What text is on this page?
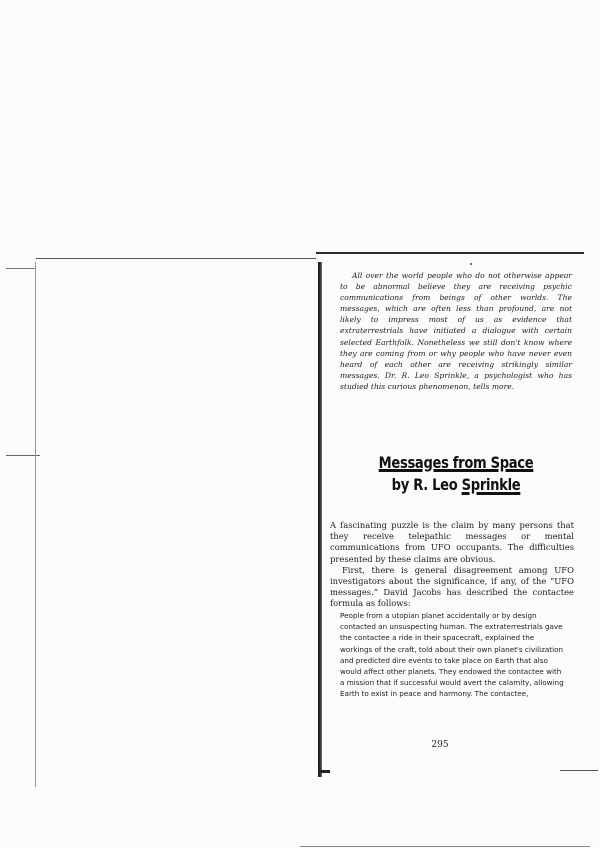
All over the world people who do not otherwise appear to be abnormal believe they are receiving psychic communications from beings of other worlds. The messages, which are often less than profound, are not likely to impress most of us as evidence that extraterrestrials have initiated a dialogue with certain selected Earthfolk. Nonetheless we still don't know where they are coming from or why people who have never even heard of each other are receiving strikingly similar messages. Dr. R. Leo Sprinkle, a psychologist who has studied this curious phenomenon, tells more.
Messages from Space
by R. Leo Sprinkle

A fascinating puzzle is the claim by many persons that they receive telepathic messages or mental communications from UFO occupants. The difficulties presented by these claims are obvious.

First, there is general disagreement among UFO investigators about the significance, if any, of the “UFO messages.” David Jacobs has described the contactee formula as follows:

People from a utopian planet accidentally or by design contacted an unsuspecting human. The extraterrestrials gave the contactee a ride in their spacecraft, explained the workings of the craft, told about their own planet's civilization and predicted dire events to take place on Earth that also would affect other planets. They endowed the contactee with a mission that if successful would avert the calamity, allowing Earth to exist in peace and harmony. The contactee,
295
